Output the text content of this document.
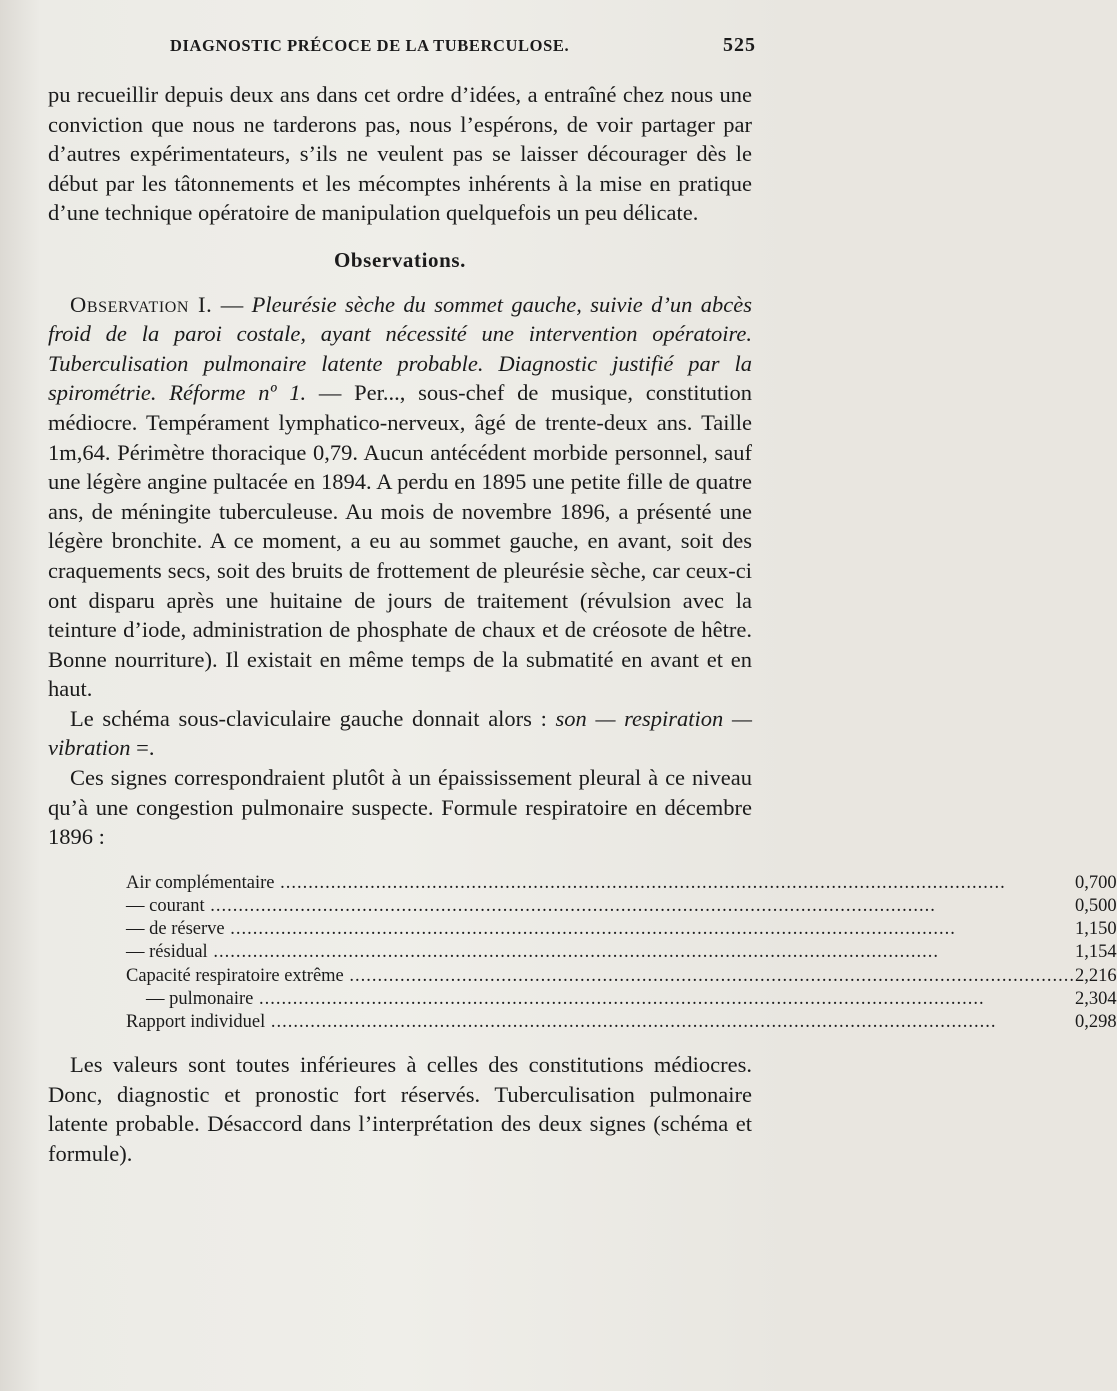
DIAGNOSTIC PRÉCOCE DE LA TUBERCULOSE.	525

pu recueillir depuis deux ans dans cet ordre d’idées, a entraîné chez nous une conviction que nous ne tarderons pas, nous l’espérons, de voir partager par d’autres expérimentateurs, s’ils ne veulent pas se laisser décourager dès le début par les tâtonnements et les mécomptes inhérents à la mise en pratique d’une technique opératoire de manipulation quelquefois un peu délicate.

Observations.

Observation I. — Pleurésie sèche du sommet gauche, suivie d’un abcès froid de la paroi costale, ayant nécessité une intervention opératoire. Tuberculisation pulmonaire latente probable. Diagnostic justifié par la spirométrie. Réforme nº 1. — Per..., sous-chef de musique, constitution médiocre. Tempérament lymphatico-nerveux, âgé de trente-deux ans. Taille 1m,64. Périmètre thoracique 0,79. Aucun antécédent morbide personnel, sauf une légère angine pultacée en 1894. A perdu en 1895 une petite fille de quatre ans, de méningite tuberculeuse. Au mois de novembre 1896, a présenté une légère bronchite. A ce moment, a eu au sommet gauche, en avant, soit des craquements secs, soit des bruits de frottement de pleurésie sèche, car ceux-ci ont disparu après une huitaine de jours de traitement (révulsion avec la teinture d’iode, administration de phosphate de chaux et de créosote de hêtre. Bonne nourriture). Il existait en même temps de la submatité en avant et en haut.

Le schéma sous-claviculaire gauche donnait alors : son — respiration — vibration =.

Ces signes correspondraient plutôt à un épaississement pleural à ce niveau qu’à une congestion pulmonaire suspecte. Formule respiratoire en décembre 1896 :

Air complémentaire .....	0,700
— courant .....	0,500
— de réserve .....	1,150
— résidual .....	1,154
Capacité respiratoire extrême .....	2,216
— pulmonaire .....	2,304
Rapport individuel .....	0,298

Les valeurs sont toutes inférieures à celles des constitutions médiocres. Donc, diagnostic et pronostic fort réservés. Tuberculisation pulmonaire latente probable. Désaccord dans l’interprétation des deux signes (schéma et formule).
